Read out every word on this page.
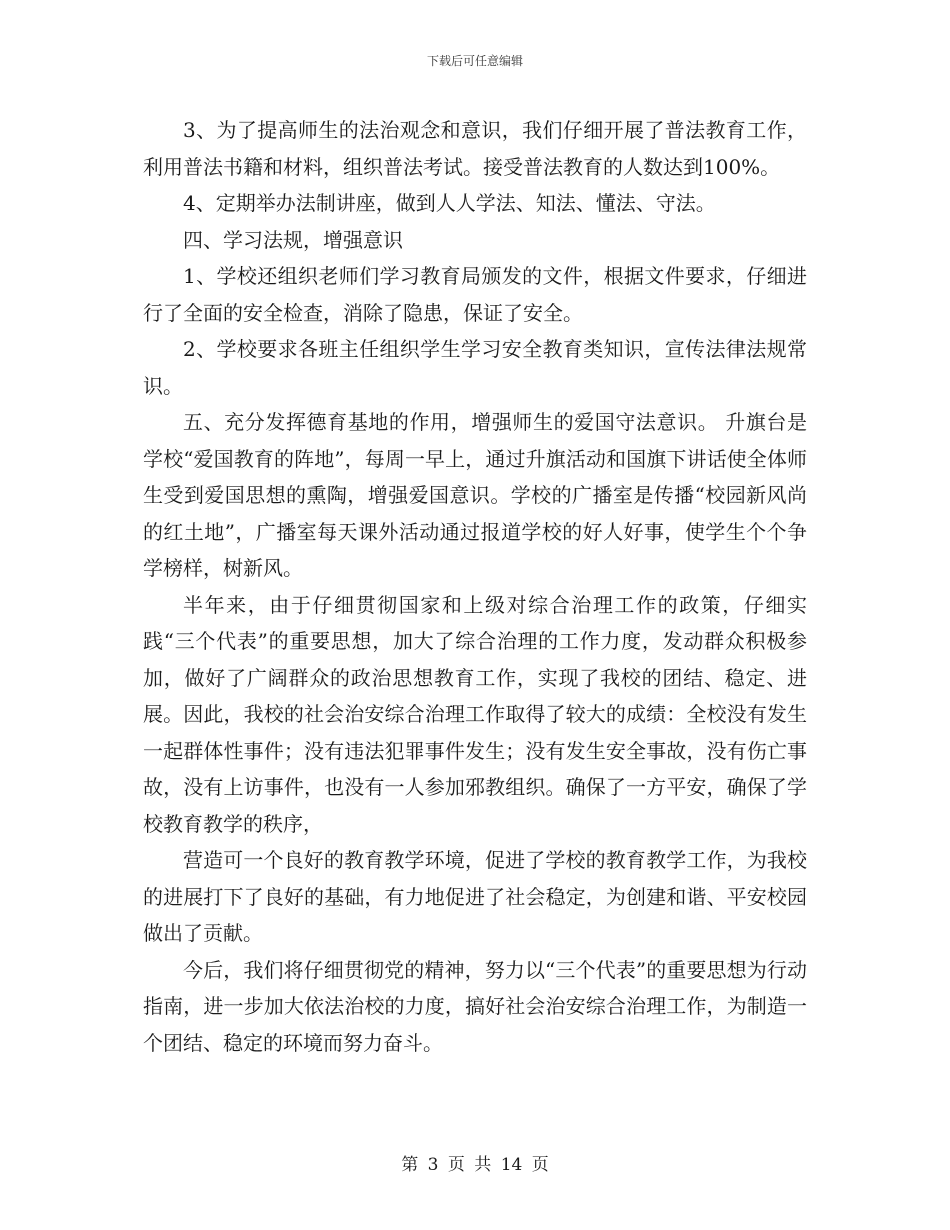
下载后可任意编辑

3、为了提高师生的法治观念和意识，我们仔细开展了普法教育工作，利用普法书籍和材料，组织普法考试。接受普法教育的人数达到100%。

4、定期举办法制讲座，做到人人学法、知法、懂法、守法。

四、学习法规，增强意识

1、学校还组织老师们学习教育局颁发的文件，根据文件要求，仔细进行了全面的安全检查，消除了隐患，保证了安全。

2、学校要求各班主任组织学生学习安全教育类知识，宣传法律法规常识。

五、充分发挥德育基地的作用，增强师生的爱国守法意识。 升旗台是学校“爱国教育的阵地”，每周一早上，通过升旗活动和国旗下讲话使全体师生受到爱国思想的熏陶，增强爱国意识。学校的广播室是传播“校园新风尚的红土地”，广播室每天课外活动通过报道学校的好人好事，使学生个个争学榜样，树新风。

半年来，由于仔细贯彻国家和上级对综合治理工作的政策，仔细实践“三个代表”的重要思想，加大了综合治理的工作力度，发动群众积极参加，做好了广阔群众的政治思想教育工作，实现了我校的团结、稳定、进展。因此，我校的社会治安综合治理工作取得了较大的成绩：全校没有发生一起群体性事件；没有违法犯罪事件发生；没有发生安全事故，没有伤亡事故，没有上访事件，也没有一人参加邪教组织。确保了一方平安，确保了学校教育教学的秩序，

营造可一个良好的教育教学环境，促进了学校的教育教学工作，为我校的进展打下了良好的基础，有力地促进了社会稳定，为创建和谐、平安校园做出了贡献。

今后，我们将仔细贯彻党的精神，努力以“三个代表”的重要思想为行动指南，进一步加大依法治校的力度，搞好社会治安综合治理工作，为制造一个团结、稳定的环境而努力奋斗。

第 3 页 共 14 页
